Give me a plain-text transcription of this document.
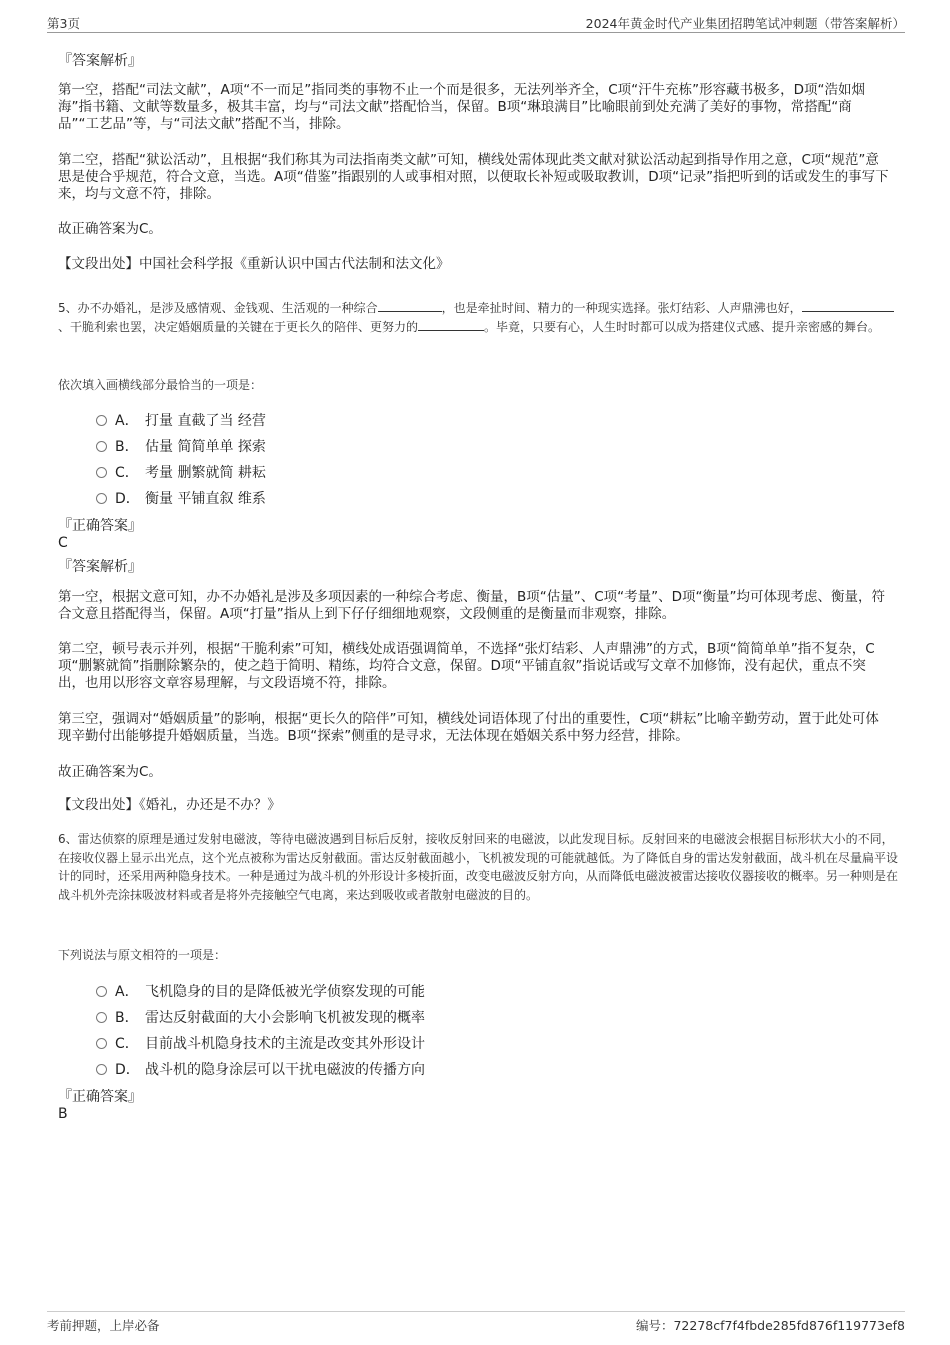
第3页	2024年黄金时代产业集团招聘笔试冲刺题（带答案解析）
『答案解析』
第一空，搭配“司法文献”，A项“不一而足”指同类的事物不止一个而是很多，无法列举齐全，C项“汗牛充栋”形容藏书极多，D项“浩如烟海”指书籍、文献等数量多，极其丰富，均与“司法文献”搭配恰当，保留。B项“琳琅满目”比喻眼前到处充满了美好的事物，常搭配“商品”“工艺品”等，与“司法文献”搭配不当，排除。
第二空，搭配“狱讼活动”，且根据“我们称其为司法指南类文献”可知，横线处需体现此类文献对狱讼活动起到指导作用之意，C项“规范”意思是使合乎规范，符合文意，当选。A项“借鉴”指跟别的人或事相对照，以便取长补短或吸取教训，D项“记录”指把听到的话或发生的事写下来，均与文意不符，排除。
故正确答案为C。
【文段出处】中国社会科学报《重新认识中国古代法制和法文化》
5、办不办婚礼，是涉及感情观、金钱观、生活观的一种综合	，也是牵扯时间、精力的一种现实选择。张灯结彩、人声鼎沸也好，、干脆利索也罢，决定婚姻质量的关键在于更长久的陪伴、更努力的	。毕竟，只要有心，人生时时都可以成为搭建仪式感、提升亲密感的舞台。
依次填入画横线部分最恰当的一项是：
A． 打量 直截了当 经营
B． 估量 简简单单 探索
C． 考量 删繁就简 耕耘
D． 衡量 平铺直叙 维系
『正确答案』
C
『答案解析』
第一空，根据文意可知，办不办婚礼是涉及多项因素的一种综合考虑、衡量，B项“估量”、C项“考量”、D项“衡量”均可体现考虑、衡量，符合文意且搭配得当，保留。A项“打量”指从上到下仔仔细细地观察，文段侧重的是衡量而非观察，排除。
第二空，顿号表示并列，根据“干脆利索”可知，横线处成语强调简单，不选择“张灯结彩、人声鼎沸”的方式，B项“简简单单”指不复杂，C项“删繁就简”指删除繁杂的，使之趋于简明、精练，均符合文意，保留。D项“平铺直叙”指说话或写文章不加修饰，没有起伏，重点不突出，也用以形容文章容易理解，与文段语境不符，排除。
第三空，强调对“婚姻质量”的影响，根据“更长久的陪伴”可知，横线处词语体现了付出的重要性，C项“耕耘”比喻辛勤劳动，置于此处可体现辛勤付出能够提升婚姻质量，当选。B项“探索”侧重的是寻求，无法体现在婚姻关系中努力经营，排除。
故正确答案为C。
【文段出处】《婚礼，办还是不办？》
6、雷达侦察的原理是通过发射电磁波，等待电磁波遇到目标后反射，接收反射回来的电磁波，以此发现目标。反射回来的电磁波会根据目标形状大小的不同，在接收仪器上显示出光点，这个光点被称为雷达反射截面。雷达反射截面越小，飞机被发现的可能就越低。为了降低自身的雷达发射截面，战斗机在尽量扁平设计的同时，还采用两种隐身技术。一种是通过为战斗机的外形设计多棱折面，改变电磁波反射方向，从而降低电磁波被雷达接收仪器接收的概率。另一种则是在战斗机外壳涂抹吸波材料或者是将外壳接触空气电离，来达到吸收或者散射电磁波的目的。
下列说法与原文相符的一项是：
A． 飞机隐身的目的是降低被光学侦察发现的可能
B． 雷达反射截面的大小会影响飞机被发现的概率
C． 目前战斗机隐身技术的主流是改变其外形设计
D． 战斗机的隐身涂层可以干扰电磁波的传播方向
『正确答案』
B
考前押题，上岸必备	编号：72278cf7f4fbde285fd876f119773ef8
